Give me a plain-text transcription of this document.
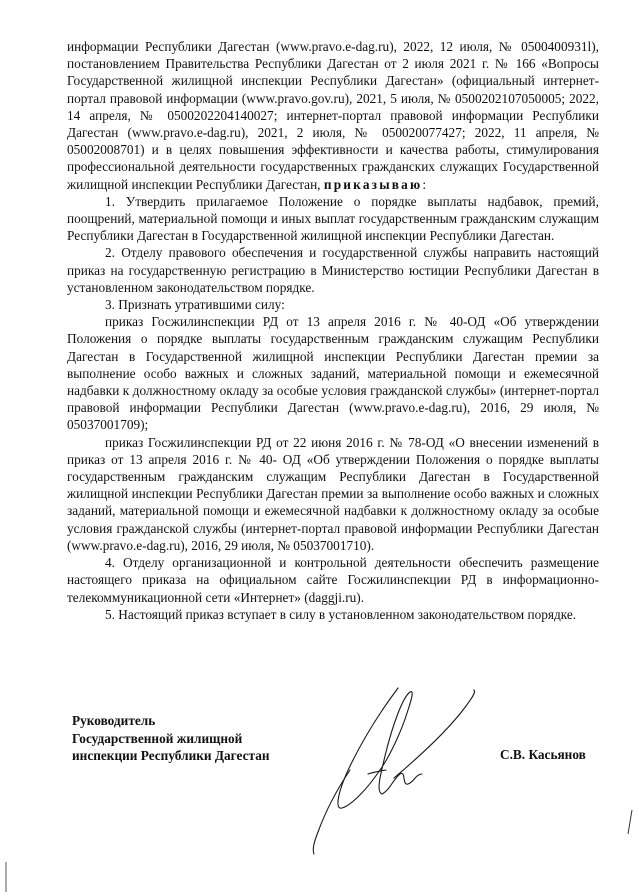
информации Республики Дагестан (www.pravo.e-dag.ru), 2022, 12 июля, № 0500400931l), постановлением Правительства Республики Дагестан от 2 июля 2021 г. № 166 «Вопросы Государственной жилищной инспекции Республики Дагестан» (официальный интернет-портал правовой информации (www.pravo.gov.ru), 2021, 5 июля, № 0500202107050005; 2022, 14 апреля, № 0500202204140027; интернет-портал правовой информации Республики Дагестан (www.pravo.e-dag.ru), 2021, 2 июля, № 050020077427; 2022, 11 апреля, № 05002008701) и в целях повышения эффективности и качества работы, стимулирования профессиональной деятельности государственных гражданских служащих Государственной жилищной инспекции Республики Дагестан, приказываю:

1. Утвердить прилагаемое Положение о порядке выплаты надбавок, премий, поощрений, материальной помощи и иных выплат государственным гражданским служащим Республики Дагестан в Государственной жилищной инспекции Республики Дагестан.

2. Отделу правового обеспечения и государственной службы направить настоящий приказ на государственную регистрацию в Министерство юстиции Республики Дагестан в установленном законодательством порядке.

3. Признать утратившими силу:

приказ Госжилинспекции РД от 13 апреля 2016 г. № 40-ОД «Об утверждении Положения о порядке выплаты государственным гражданским служащим Республики Дагестан в Государственной жилищной инспекции Республики Дагестан премии за выполнение особо важных и сложных заданий, материальной помощи и ежемесячной надбавки к должностному окладу за особые условия гражданской службы» (интернет-портал правовой информации Республики Дагестан (www.pravo.e-dag.ru), 2016, 29 июля, № 05037001709);

приказ Госжилинспекции РД от 22 июня 2016 г. № 78-ОД «О внесении изменений в приказ от 13 апреля 2016 г. № 40- ОД «Об утверждении Положения о порядке выплаты государственным гражданским служащим Республики Дагестан в Государственной жилищной инспекции Республики Дагестан премии за выполнение особо важных и сложных заданий, материальной помощи и ежемесячной надбавки к должностному окладу за особые условия гражданской службы (интернет-портал правовой информации Республики Дагестан (www.pravo.e-dag.ru), 2016, 29 июля, № 05037001710).

4. Отделу организационной и контрольной деятельности обеспечить размещение настоящего приказа на официальном сайте Госжилинспекции РД в информационно-телекоммуникационной сети «Интернет» (daggji.ru).

5. Настоящий приказ вступает в силу в установленном законодательством порядке.

Руководитель
Государственной жилищной
инспекции Республики Дагестан	С.В. Касьянов
